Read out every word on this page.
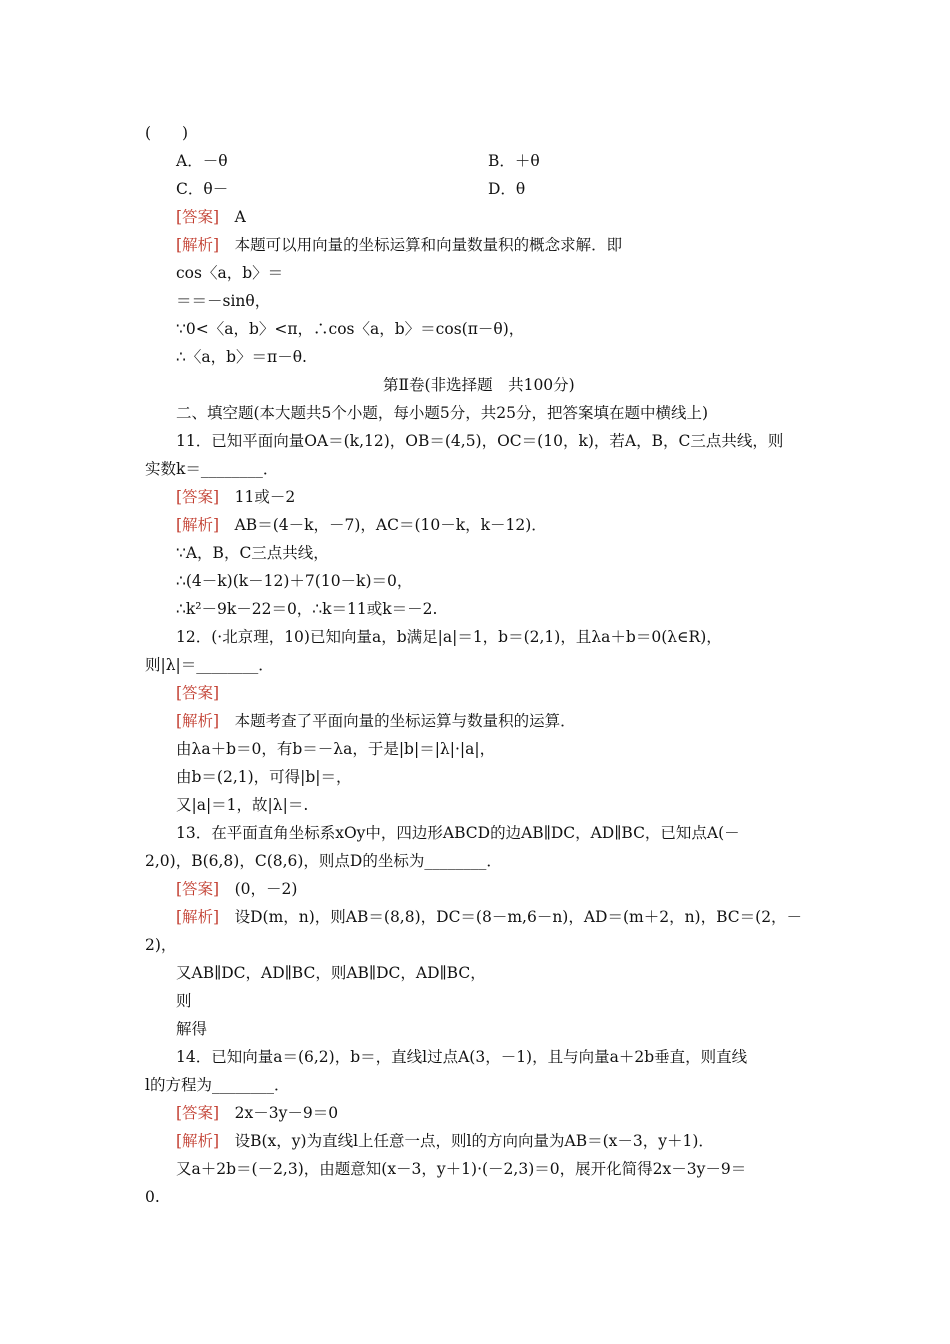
(　　)
A．－θ	B．＋θ
C．θ－	D．θ
[答案]　A
[解析]　本题可以用向量的坐标运算和向量数量积的概念求解．即
cos〈a，b〉＝
＝＝－sinθ，
∵0<〈a，b〉<π，∴cos〈a，b〉＝cos(π－θ)，
∴〈a，b〉＝π－θ.
第Ⅱ卷(非选择题　共100分)
二、填空题(本大题共5个小题，每小题5分，共25分，把答案填在题中横线上)
11．已知平面向量OA＝(k,12)，OB＝(4,5)，OC＝(10，k)，若A，B，C三点共线，则
实数k＝________．
[答案]　11或－2
[解析]　AB＝(4－k，－7)，AC＝(10－k，k－12)．
∵A，B，C三点共线，
∴(4－k)(k－12)＋7(10－k)＝0，
∴k²－9k－22＝0，∴k＝11或k＝－2.
12．(·北京理，10)已知向量a，b满足|a|＝1，b＝(2,1)，且λa＋b＝0(λ∈R)，
则|λ|＝________．
[答案]
[解析]　本题考查了平面向量的坐标运算与数量积的运算．
由λa＋b＝0，有b＝－λa，于是|b|＝|λ|·|a|，
由b＝(2,1)，可得|b|＝，
又|a|＝1，故|λ|＝.
13．在平面直角坐标系xOy中，四边形ABCD的边AB∥DC，AD∥BC，已知点A(－
2,0)，B(6,8)，C(8,6)，则点D的坐标为________．
[答案]　(0，－2)
[解析]　设D(m，n)，则AB＝(8,8)，DC＝(8－m,6－n)，AD＝(m＋2，n)，BC＝(2，－
2)，
又AB∥DC，AD∥BC，则AB∥DC，AD∥BC，
则
解得
14．已知向量a＝(6,2)，b＝，直线l过点A(3，－1)，且与向量a＋2b垂直，则直线
l的方程为________．
[答案]　2x－3y－9＝0
[解析]　设B(x，y)为直线l上任意一点，则l的方向向量为AB＝(x－3，y＋1)．
又a＋2b＝(－2,3)，由题意知(x－3，y＋1)·(－2,3)＝0，展开化简得2x－3y－9＝
0.
